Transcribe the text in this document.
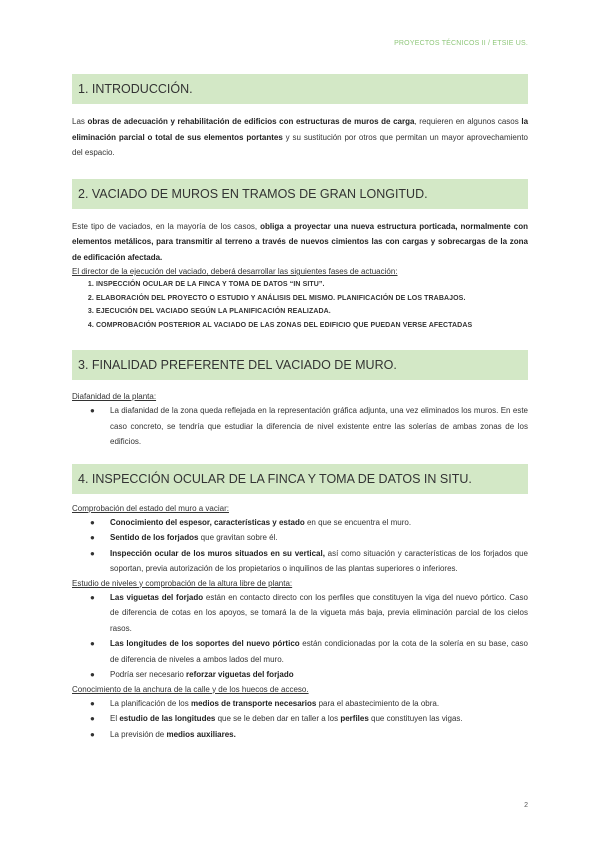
PROYECTOS TÉCNICOS II / ETSIE US.
1. INTRODUCCIÓN.

Las obras de adecuación y rehabilitación de edificios con estructuras de muros de carga, requieren en algunos casos la eliminación parcial o total de sus elementos portantes y su sustitución por otros que permitan un mayor aprovechamiento del espacio.

2. VACIADO DE MUROS EN TRAMOS DE GRAN LONGITUD.

Este tipo de vaciados, en la mayoría de los casos, obliga a proyectar una nueva estructura porticada, normalmente con elementos metálicos, para transmitir al terreno a través de nuevos cimientos las con cargas y sobrecargas de la zona de edificación afectada.

El director de la ejecución del vaciado, deberá desarrollar las siguientes fases de actuación:
1. INSPECCIÓN OCULAR DE LA FINCA Y TOMA DE DATOS “IN SITU”.
2. ELABORACIÓN DEL PROYECTO O ESTUDIO Y ANÁLISIS DEL MISMO. PLANIFICACIÓN DE LOS TRABAJOS.
3. EJECUCIÓN DEL VACIADO SEGÚN LA PLANIFICACIÓN REALIZADA.
4. COMPROBACIÓN POSTERIOR AL VACIADO DE LAS ZONAS DEL EDIFICIO QUE PUEDAN VERSE AFECTADAS
3. FINALIDAD PREFERENTE DEL VACIADO DE MURO.
Diafanidad de la planta:
● La diafanidad de la zona queda reflejada en la representación gráfica adjunta, una vez eliminados los muros. En este caso concreto, se tendría que estudiar la diferencia de nivel existente entre las solerías de ambas zonas de los edificios.
4. INSPECCIÓN OCULAR DE LA FINCA Y TOMA DE DATOS IN SITU.
Comprobación del estado del muro a vaciar:
● Conocimiento del espesor, características y estado en que se encuentra el muro.
● Sentido de los forjados que gravitan sobre él.
● Inspección ocular de los muros situados en su vertical, así como situación y características de los forjados que soportan, previa autorización de los propietarios o inquilinos de las plantas superiores o inferiores.
Estudio de niveles y comprobación de la altura libre de planta:
● Las viguetas del forjado están en contacto directo con los perfiles que constituyen la viga del nuevo pórtico. Caso de diferencia de cotas en los apoyos, se tomará la de la vigueta más baja, previa eliminación parcial de los cielos rasos.
● Las longitudes de los soportes del nuevo pórtico están condicionadas por la cota de la solería en su base, caso de diferencia de niveles a ambos lados del muro.
● Podría ser necesario reforzar viguetas del forjado
Conocimiento de la anchura de la calle y de los huecos de acceso.
● La planificación de los medios de transporte necesarios para el abastecimiento de la obra.
● El estudio de las longitudes que se le deben dar en taller a los perfiles que constituyen las vigas.
● La previsión de medios auxiliares.
2
